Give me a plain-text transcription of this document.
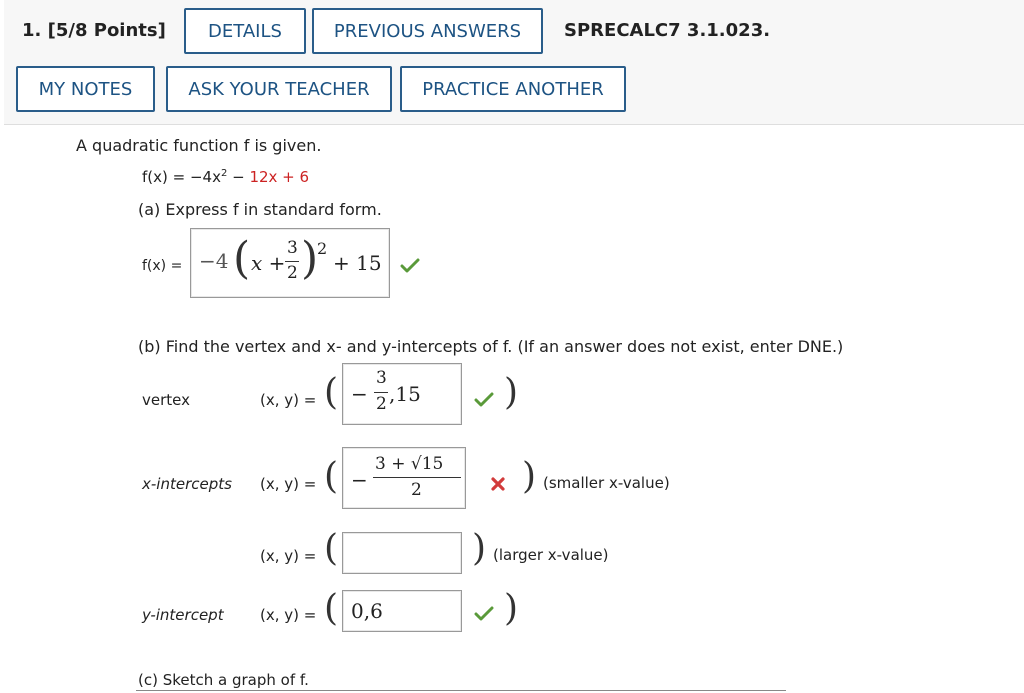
1. [5/8 Points]	DETAILS	PREVIOUS ANSWERS	SPRECALC7 3.1.023.
MY NOTES	ASK YOUR TEACHER	PRACTICE ANOTHER
A quadratic function f is given.
$f(x) = -4x^2 - 12x + 6$
(a) Express f in standard form.
f(x) = −4 ( x +
3
2 )
2
+ 15
(b) Find the vertex and x- and y-intercepts of f. (If an answer does not exist, enter DNE.)
vertex	(x, y) = ( −
3
2 ,15 )
x-intercepts (x, y) = ( −
3 + √15
2	) (smaller x-value)
(x, y) = (	) (larger x-value)
y-intercept (x, y) = ( 0,6	)
(c) Sketch a graph of f.
